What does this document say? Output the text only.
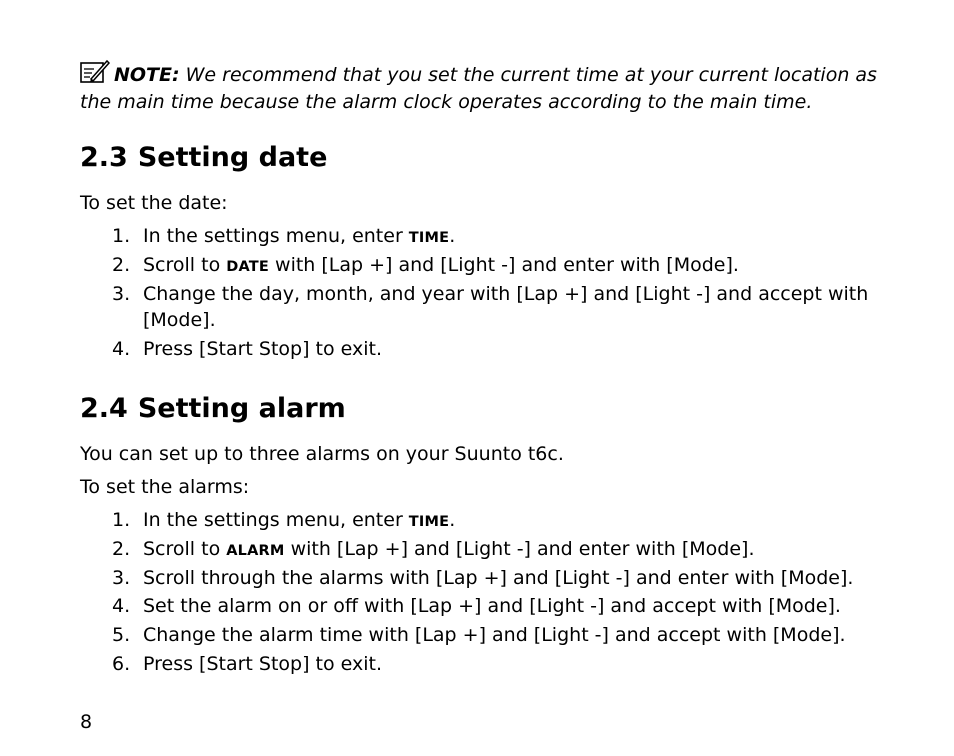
NOTE: We recommend that you set the current time at your current location as the main time because the alarm clock operates according to the main time.
2.3 Setting date

To set the date:

1. In the settings menu, enter TIME.
2. Scroll to DATE with [Lap +] and [Light -] and enter with [Mode].
3. Change the day, month, and year with [Lap +] and [Light -] and accept with [Mode].
4. Press [Start Stop] to exit.
2.4 Setting alarm

You can set up to three alarms on your Suunto t6c.

To set the alarms:

1. In the settings menu, enter TIME.
2. Scroll to ALARM with [Lap +] and [Light -] and enter with [Mode].
3. Scroll through the alarms with [Lap +] and [Light -] and enter with [Mode].
4. Set the alarm on or off with [Lap +] and [Light -] and accept with [Mode].
5. Change the alarm time with [Lap +] and [Light -] and accept with [Mode].
6. Press [Start Stop] to exit.
8
